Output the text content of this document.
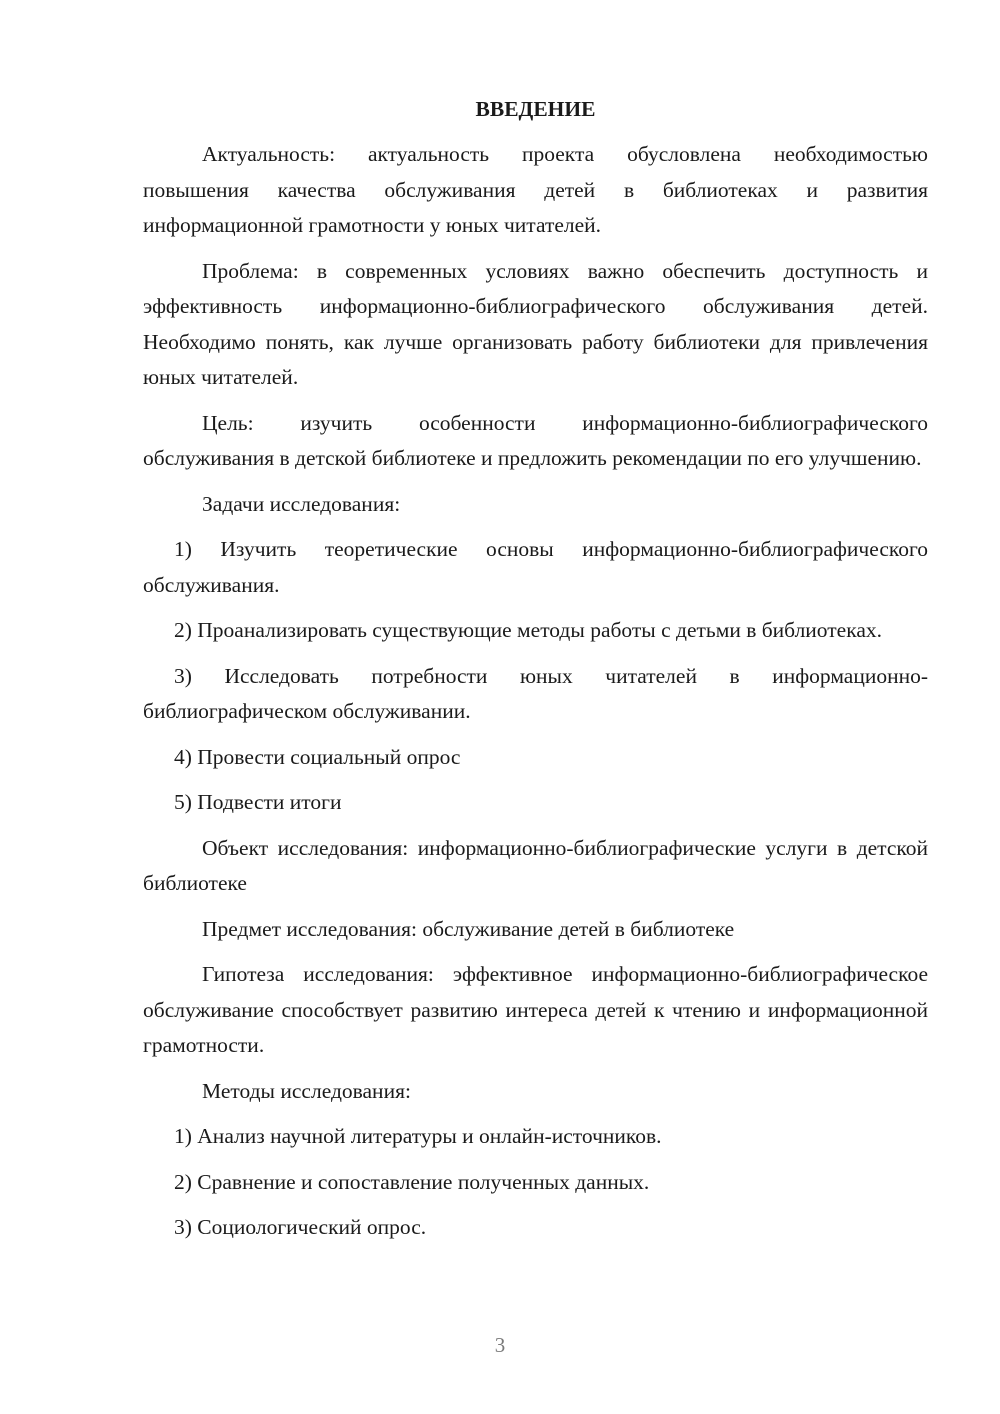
ВВЕДЕНИЕ

Актуальность: актуальность проекта обусловлена необходимостью повышения качества обслуживания детей в библиотеках и развития информационной грамотности у юных читателей.

Проблема: в современных условиях важно обеспечить доступность и эффективность информационно-библиографического обслуживания детей. Необходимо понять, как лучше организовать работу библиотеки для привлечения юных читателей.

Цель: изучить особенности информационно-библиографического обслуживания в детской библиотеке и предложить рекомендации по его улучшению.

Задачи исследования:

1) Изучить теоретические основы информационно-библиографического обслуживания.

2) Проанализировать существующие методы работы с детьми в библиотеках.

3) Исследовать потребности юных читателей в информационно-библиографическом обслуживании.

4) Провести социальный опрос

5) Подвести итоги

Объект исследования: информационно-библиографические услуги в детской библиотеке

Предмет исследования: обслуживание детей в библиотеке

Гипотеза исследования: эффективное информационно-библиографическое обслуживание способствует развитию интереса детей к чтению и информационной грамотности.

Методы исследования:

1) Анализ научной литературы и онлайн-источников.

2) Сравнение и сопоставление полученных данных.

3) Социологический опрос.

3
